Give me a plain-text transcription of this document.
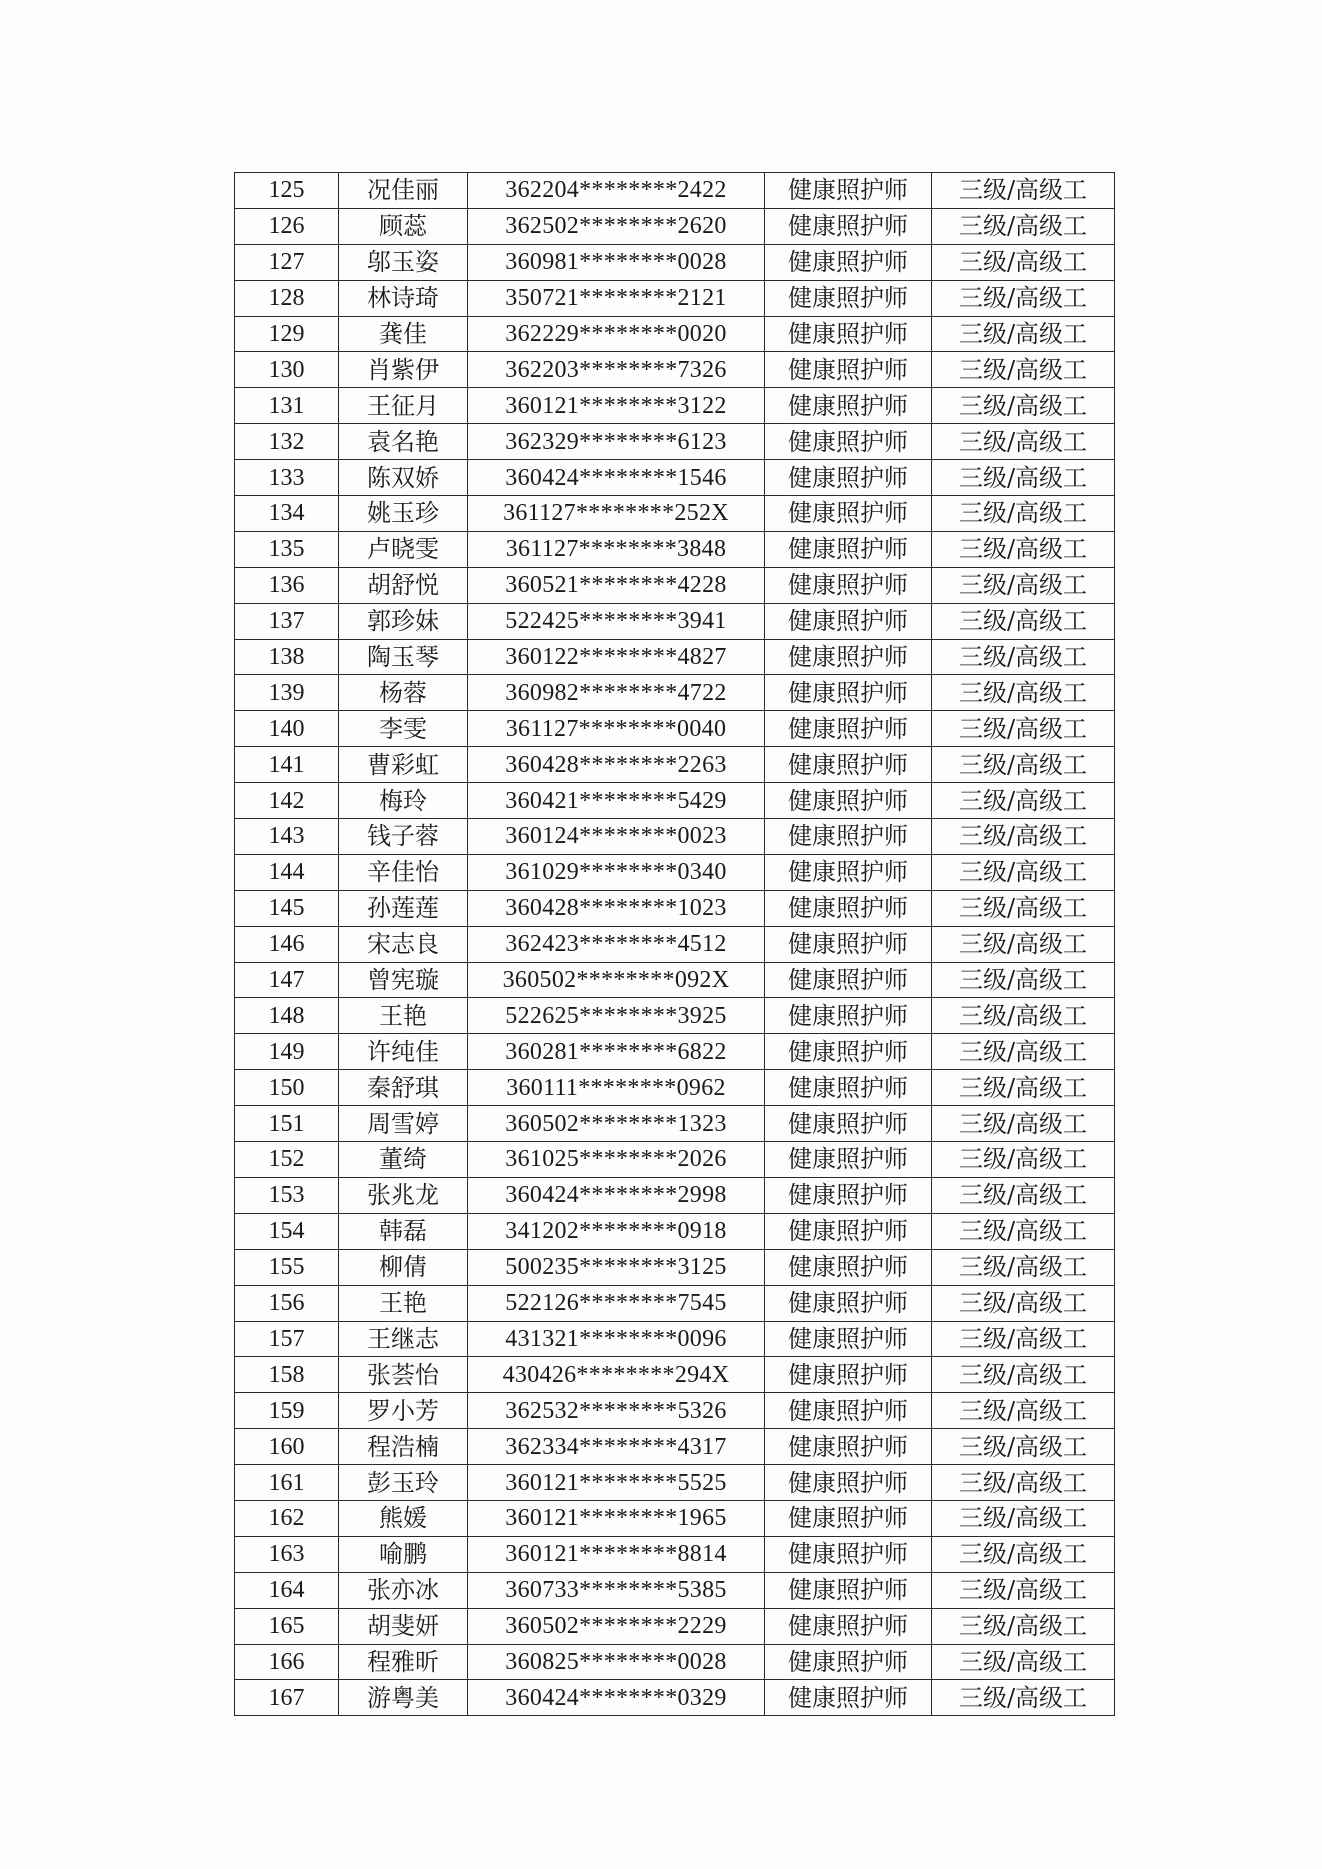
125	况佳丽	362204********2422	健康照护师	三级/高级工
126	顾蕊	362502********2620	健康照护师	三级/高级工
127	邬玉姿	360981********0028	健康照护师	三级/高级工
128	林诗琦	350721********2121	健康照护师	三级/高级工
129	龚佳	362229********0020	健康照护师	三级/高级工
130	肖紫伊	362203********7326	健康照护师	三级/高级工
131	王征月	360121********3122	健康照护师	三级/高级工
132	袁名艳	362329********6123	健康照护师	三级/高级工
133	陈双娇	360424********1546	健康照护师	三级/高级工
134	姚玉珍	361127********252X	健康照护师	三级/高级工
135	卢晓雯	361127********3848	健康照护师	三级/高级工
136	胡舒悦	360521********4228	健康照护师	三级/高级工
137	郭珍妹	522425********3941	健康照护师	三级/高级工
138	陶玉琴	360122********4827	健康照护师	三级/高级工
139	杨蓉	360982********4722	健康照护师	三级/高级工
140	李雯	361127********0040	健康照护师	三级/高级工
141	曹彩虹	360428********2263	健康照护师	三级/高级工
142	梅玲	360421********5429	健康照护师	三级/高级工
143	钱子蓉	360124********0023	健康照护师	三级/高级工
144	辛佳怡	361029********0340	健康照护师	三级/高级工
145	孙莲莲	360428********1023	健康照护师	三级/高级工
146	宋志良	362423********4512	健康照护师	三级/高级工
147	曾宪璇	360502********092X	健康照护师	三级/高级工
148	王艳	522625********3925	健康照护师	三级/高级工
149	许纯佳	360281********6822	健康照护师	三级/高级工
150	秦舒琪	360111********0962	健康照护师	三级/高级工
151	周雪婷	360502********1323	健康照护师	三级/高级工
152	董绮	361025********2026	健康照护师	三级/高级工
153	张兆龙	360424********2998	健康照护师	三级/高级工
154	韩磊	341202********0918	健康照护师	三级/高级工
155	柳倩	500235********3125	健康照护师	三级/高级工
156	王艳	522126********7545	健康照护师	三级/高级工
157	王继志	431321********0096	健康照护师	三级/高级工
158	张荟怡	430426********294X	健康照护师	三级/高级工
159	罗小芳	362532********5326	健康照护师	三级/高级工
160	程浩楠	362334********4317	健康照护师	三级/高级工
161	彭玉玲	360121********5525	健康照护师	三级/高级工
162	熊媛	360121********1965	健康照护师	三级/高级工
163	喻鹏	360121********8814	健康照护师	三级/高级工
164	张亦冰	360733********5385	健康照护师	三级/高级工
165	胡斐妍	360502********2229	健康照护师	三级/高级工
166	程雅昕	360825********0028	健康照护师	三级/高级工
167	游粤美	360424********0329	健康照护师	三级/高级工
